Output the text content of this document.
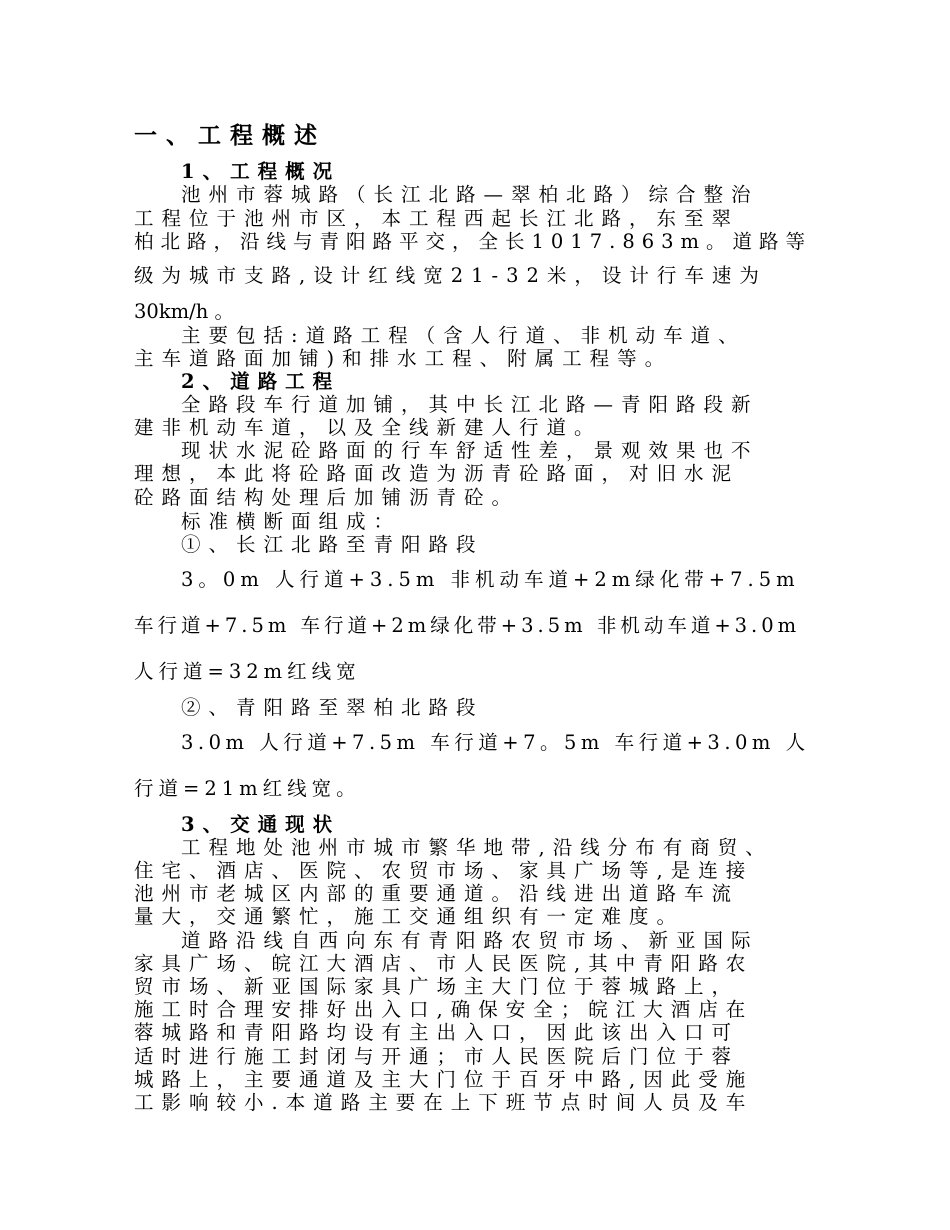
一、工程概述
1、工程概况
池州市蓉城路（长江北路—翠柏北路）综合整治
工程位于池州市区，本工程西起长江北路，东至翠
柏北路，沿线与青阳路平交，全长1017.863m。道路等
级为城市支路,设计红线宽21-32米，设计行车速为
30km/h 。
主要包括:道路工程（含人行道、非机动车道、
主车道路面加铺)和排水工程、附属工程等。
2、道路工程
全路段车行道加铺，其中长江北路—青阳路段新
建非机动车道，以及全线新建人行道。
现状水泥砼路面的行车舒适性差，景观效果也不
理想，本此将砼路面改造为沥青砼路面，对旧水泥
砼路面结构处理后加铺沥青砼。
标准横断面组成：
①、长江北路至青阳路段
3。0m 人行道+3.5m 非机动车道+2m绿化带+7.5m
车行道+7.5m 车行道+2m绿化带+3.5m 非机动车道+3.0m
人行道=32m红线宽
②、青阳路至翠柏北路段
3.0m 人行道+7.5m 车行道+7。5m 车行道+3.0m 人
行道=21m红线宽。
3、交通现状
工程地处池州市城市繁华地带,沿线分布有商贸、
住宅、酒店、医院、农贸市场、家具广场等,是连接
池州市老城区内部的重要通道。沿线进出道路车流
量大，交通繁忙，施工交通组织有一定难度。
道路沿线自西向东有青阳路农贸市场、新亚国际
家具广场、皖江大酒店、市人民医院,其中青阳路农
贸市场、新亚国际家具广场主大门位于蓉城路上，
施工时合理安排好出入口,确保安全；皖江大酒店在
蓉城路和青阳路均设有主出入口，因此该出入口可
适时进行施工封闭与开通；市人民医院后门位于蓉
城路上，主要通道及主大门位于百牙中路,因此受施
工影响较小.本道路主要在上下班节点时间人员及车
